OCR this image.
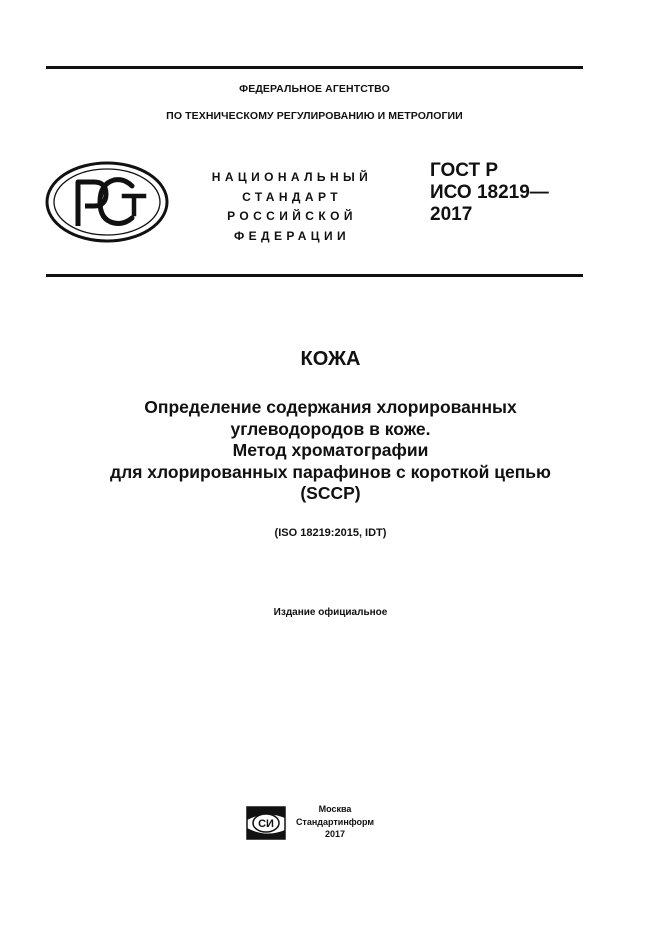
ФЕДЕРАЛЬНОЕ АГЕНТСТВО
ПО ТЕХНИЧЕСКОМУ РЕГУЛИРОВАНИЮ И МЕТРОЛОГИИ
НАЦИОНАЛЬНЫЙ
СТАНДАРТ
РОССИЙСКОЙ
ФЕДЕРАЦИИ
ГОСТ Р
ИСО 18219—
2017
КОЖА
Определение содержания хлорированных
углеводородов в коже.
Метод хроматографии
для хлорированных парафинов с короткой цепью
(SCCP)
(ISO 18219:2015, IDT)
Издание официальное
СИ
Москва
Стандартинформ
2017
